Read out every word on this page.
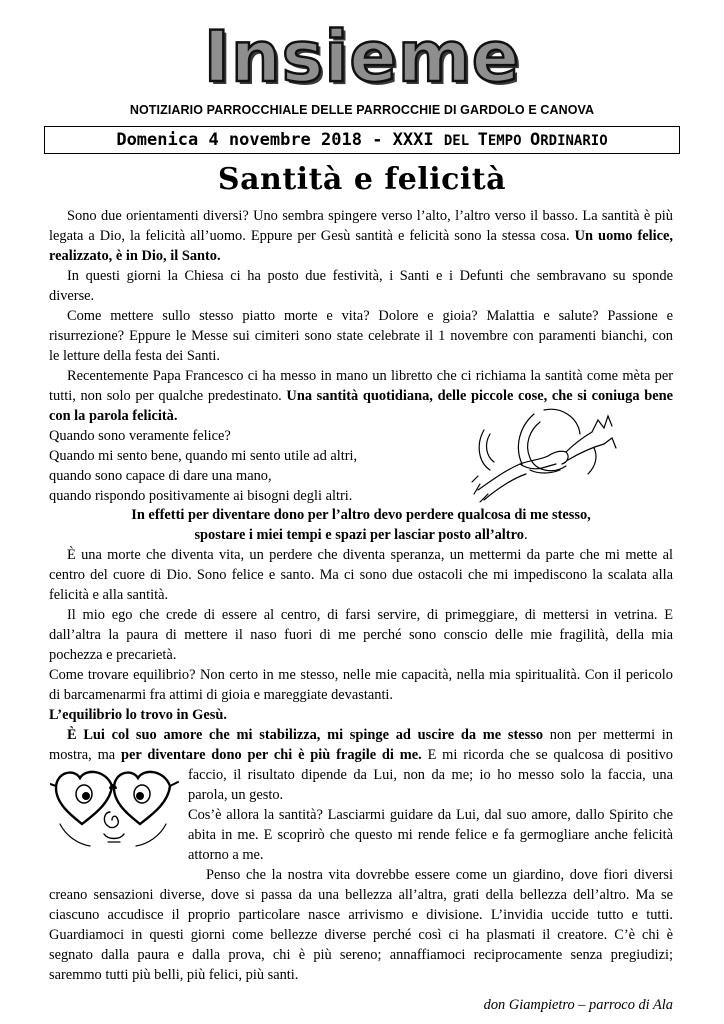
Insieme
NOTIZIARIO PARROCCHIALE DELLE PARROCCHIE DI GARDOLO E CANOVA
Domenica 4 novembre 2018 - XXXI DEL TEMPO ORDINARIO
Santità e felicità
Sono due orientamenti diversi? Uno sembra spingere verso l’alto, l’altro verso il basso. La santità è più
legata a Dio, la felicità all’uomo. Eppure per Gesù santità e felicità sono la stessa cosa. Un uomo felice,
realizzato, è in Dio, il Santo.
In questi giorni la Chiesa ci ha posto due festività, i Santi e i Defunti che sembravano su sponde
diverse.
Come mettere sullo stesso piatto morte e vita? Dolore e gioia? Malattia e salute? Passione e
risurrezione? Eppure le Messe sui cimiteri sono state celebrate il 1 novembre con paramenti bianchi, con
le letture della festa dei Santi.
Recentemente Papa Francesco ci ha messo in mano un libretto che ci richiama la santità come mèta per
tutti, non solo per qualche predestinato. Una santità quotidiana, delle piccole cose, che si coniuga bene
con la parola felicità.
Quando sono veramente felice?
Quando mi sento bene, quando mi sento utile ad altri,
quando sono capace di dare una mano,
quando rispondo positivamente ai bisogni degli altri.
In effetti per diventare dono per l’altro devo perdere qualcosa di me stesso,
spostare i miei tempi e spazi per lasciar posto all’altro.
È una morte che diventa vita, un perdere che diventa speranza, un mettermi da parte che mi mette al
centro del cuore di Dio. Sono felice e santo. Ma ci sono due ostacoli che mi impediscono la scalata alla
felicità e alla santità.
Il mio ego che crede di essere al centro, di farsi servire, di primeggiare, di mettersi in vetrina. E
dall’altra la paura di mettere il naso fuori di me perché sono conscio delle mie fragilità, della mia
pochezza e precarietà.
Come trovare equilibrio? Non certo in me stesso, nelle mie capacità, nella mia spiritualità. Con il pericolo
di barcamenarmi fra attimi di gioia e mareggiate devastanti.
L’equilibrio lo trovo in Gesù.
È Lui col suo amore che mi stabilizza, mi spinge ad uscire da me stesso non per mettermi in
mostra, ma per diventare dono per chi è più fragile di me. E mi ricorda che se qualcosa di positivo
faccio, il risultato dipende da Lui, non da me; io ho messo solo la faccia, una
parola, un gesto.
Cos’è allora la santità? Lasciarmi guidare da Lui, dal suo amore, dallo Spirito che
abita in me. E scoprirò che questo mi rende felice e fa germogliare anche felicità
attorno a me.
Penso che la nostra vita dovrebbe essere come un giardino, dove fiori diversi
creano sensazioni diverse, dove si passa da una bellezza all’altra, grati della bellezza dell’altro. Ma se
ciascuno accudisce il proprio particolare nasce arrivismo e divisione. L’invidia uccide tutto e tutti.
Guardiamoci in questi giorni come bellezze diverse perché così ci ha plasmati il creatore. C’è chi è
segnato dalla paura e dalla prova, chi è più sereno; annaffiamoci reciprocamente senza pregiudizi;
saremmo tutti più belli, più felici, più santi.
don Giampietro – parroco di Ala
